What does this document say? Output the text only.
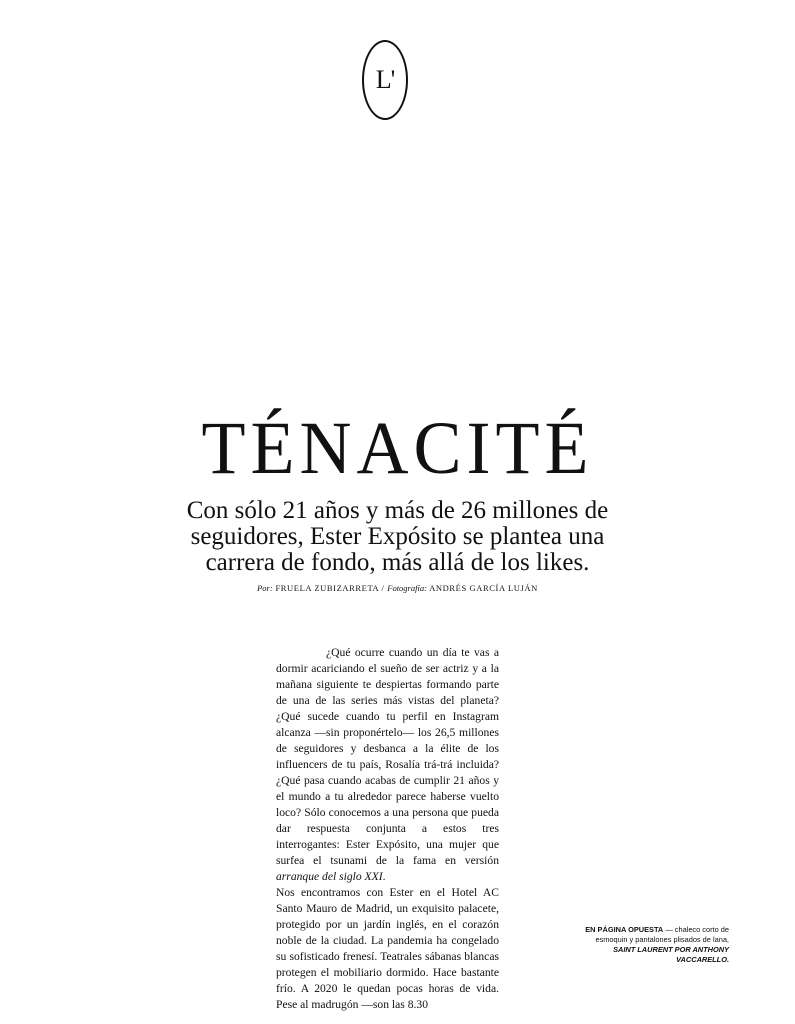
L'
TÉNACITÉ

Con sólo 21 años y más de 26 millones de seguidores, Ester Expósito se plantea una carrera de fondo, más allá de los likes.

Por: FRUELA ZUBIZARRETA / Fotografía: ANDRÉS GARCÍA LUJÁN

¿Qué ocurre cuando un día te vas a dormir acariciando el sueño de ser actriz y a la mañana siguiente te despiertas formando parte de una de las series más vistas del planeta? ¿Qué sucede cuando tu perfil en Instagram alcanza —sin proponértelo— los 26,5 millones de seguidores y desbanca a la élite de los influencers de tu país, Rosalía trá-trá incluida? ¿Qué pasa cuando acabas de cumplir 21 años y el mundo a tu alrededor parece haberse vuelto loco? Sólo conocemos a una persona que pueda dar respuesta conjunta a estos tres interrogantes: Ester Expósito, una mujer que surfea el tsunami de la fama en versión arranque del siglo XXI.

Nos encontramos con Ester en el Hotel AC Santo Mauro de Madrid, un exquisito palacete, protegido por un jardín inglés, en el corazón noble de la ciudad. La pandemia ha congelado su sofisticado frenesí. Teatrales sábanas blancas protegen el mobiliario dormido. Hace bastante frío. A 2020 le quedan pocas horas de vida. Pese al madrugón —son las 8.30

EN PÁGINA OPUESTA — chaleco corto de esmoquin y pantalones plisados de lana,
SAINT LAURENT POR ANTHONY VACCARELLO.
